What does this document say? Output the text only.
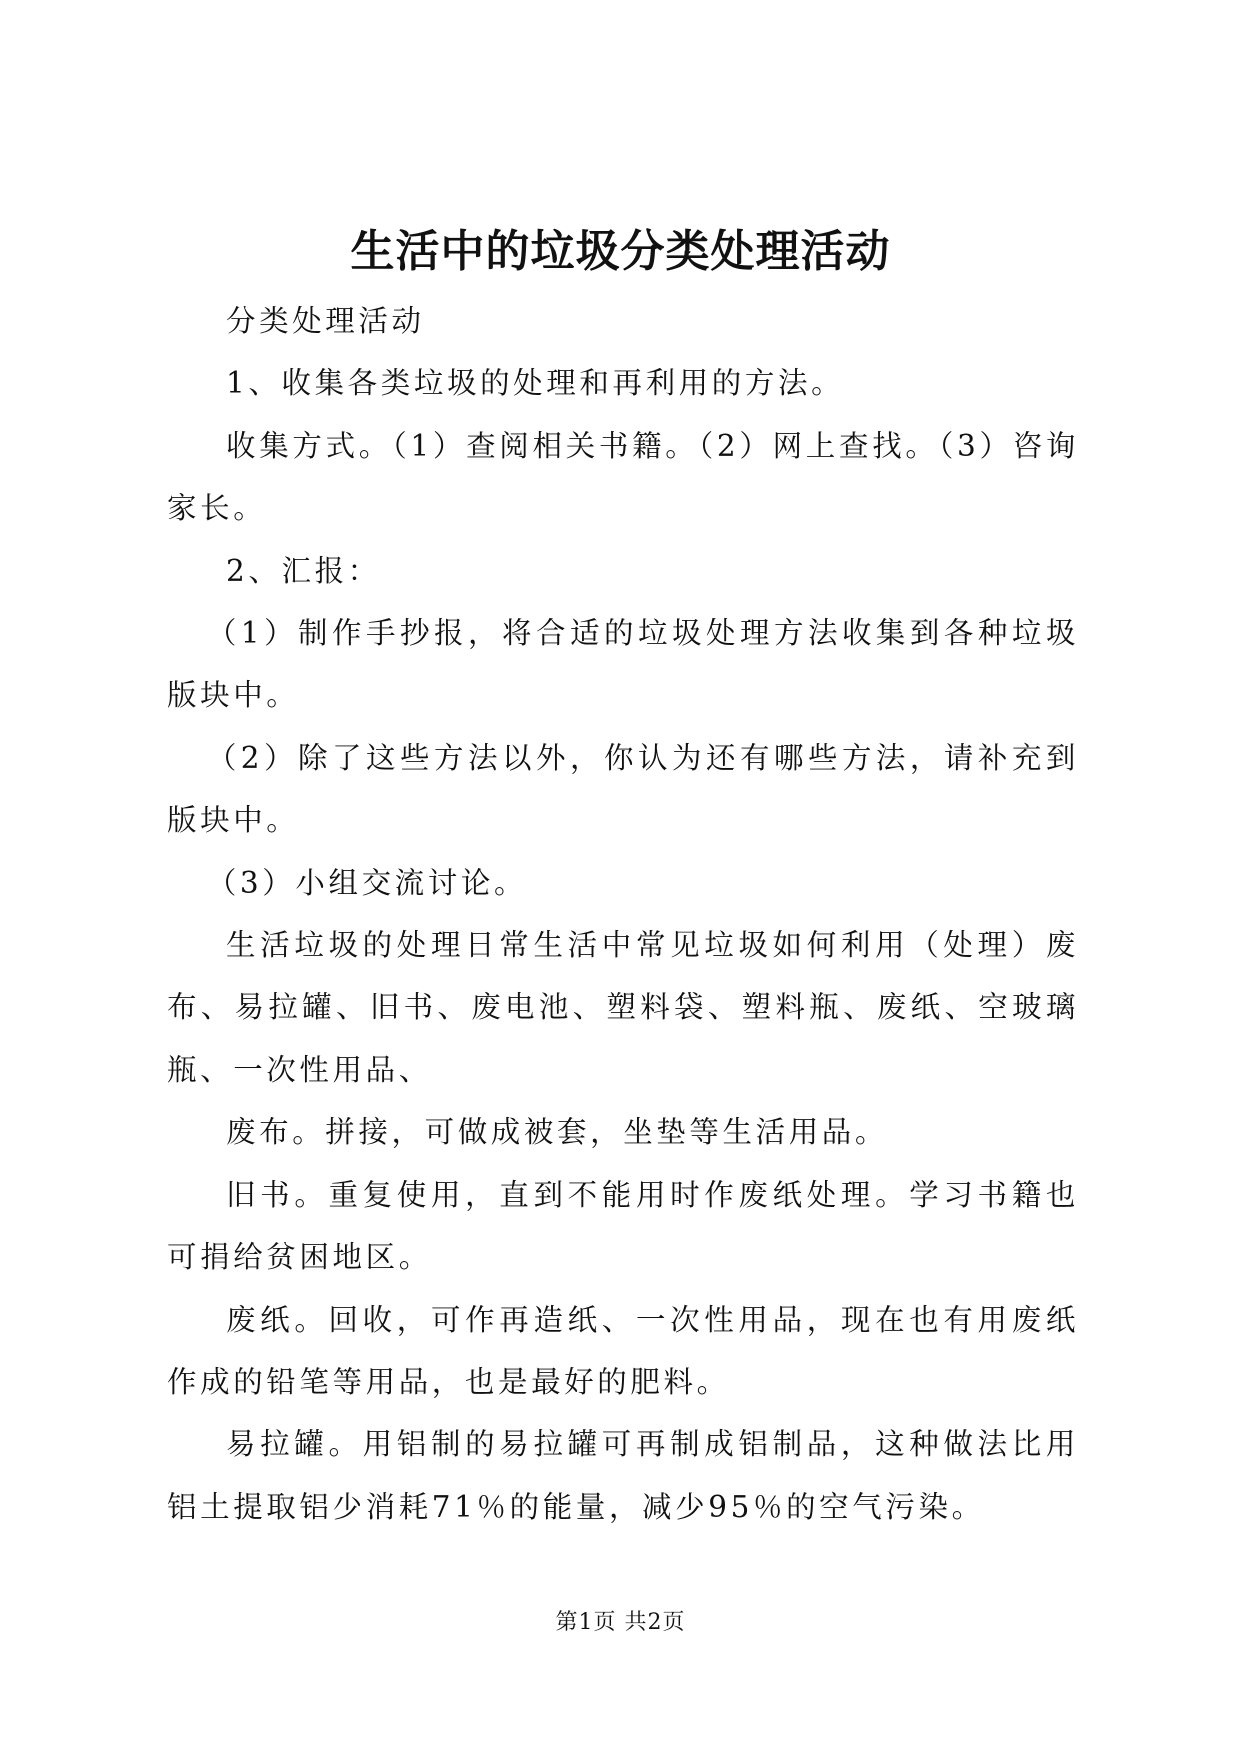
生活中的垃圾分类处理活动

分类处理活动

1、收集各类垃圾的处理和再利用的方法。

收集方式。（1）查阅相关书籍。（2）网上查找。（3）咨询家长。

2、汇报：

（1）制作手抄报，将合适的垃圾处理方法收集到各种垃圾版块中。

（2）除了这些方法以外，你认为还有哪些方法，请补充到版块中。

（3）小组交流讨论。

生活垃圾的处理日常生活中常见垃圾如何利用（处理）废布、易拉罐、旧书、废电池、塑料袋、塑料瓶、废纸、空玻璃瓶、一次性用品、

废布。拼接，可做成被套，坐垫等生活用品。

旧书。重复使用，直到不能用时作废纸处理。学习书籍也可捐给贫困地区。

废纸。回收，可作再造纸、一次性用品，现在也有用废纸作成的铅笔等用品，也是最好的肥料。

易拉罐。用铝制的易拉罐可再制成铝制品，这种做法比用铝土提取铝少消耗71％的能量，减少95％的空气污染。

第1页 共2页
